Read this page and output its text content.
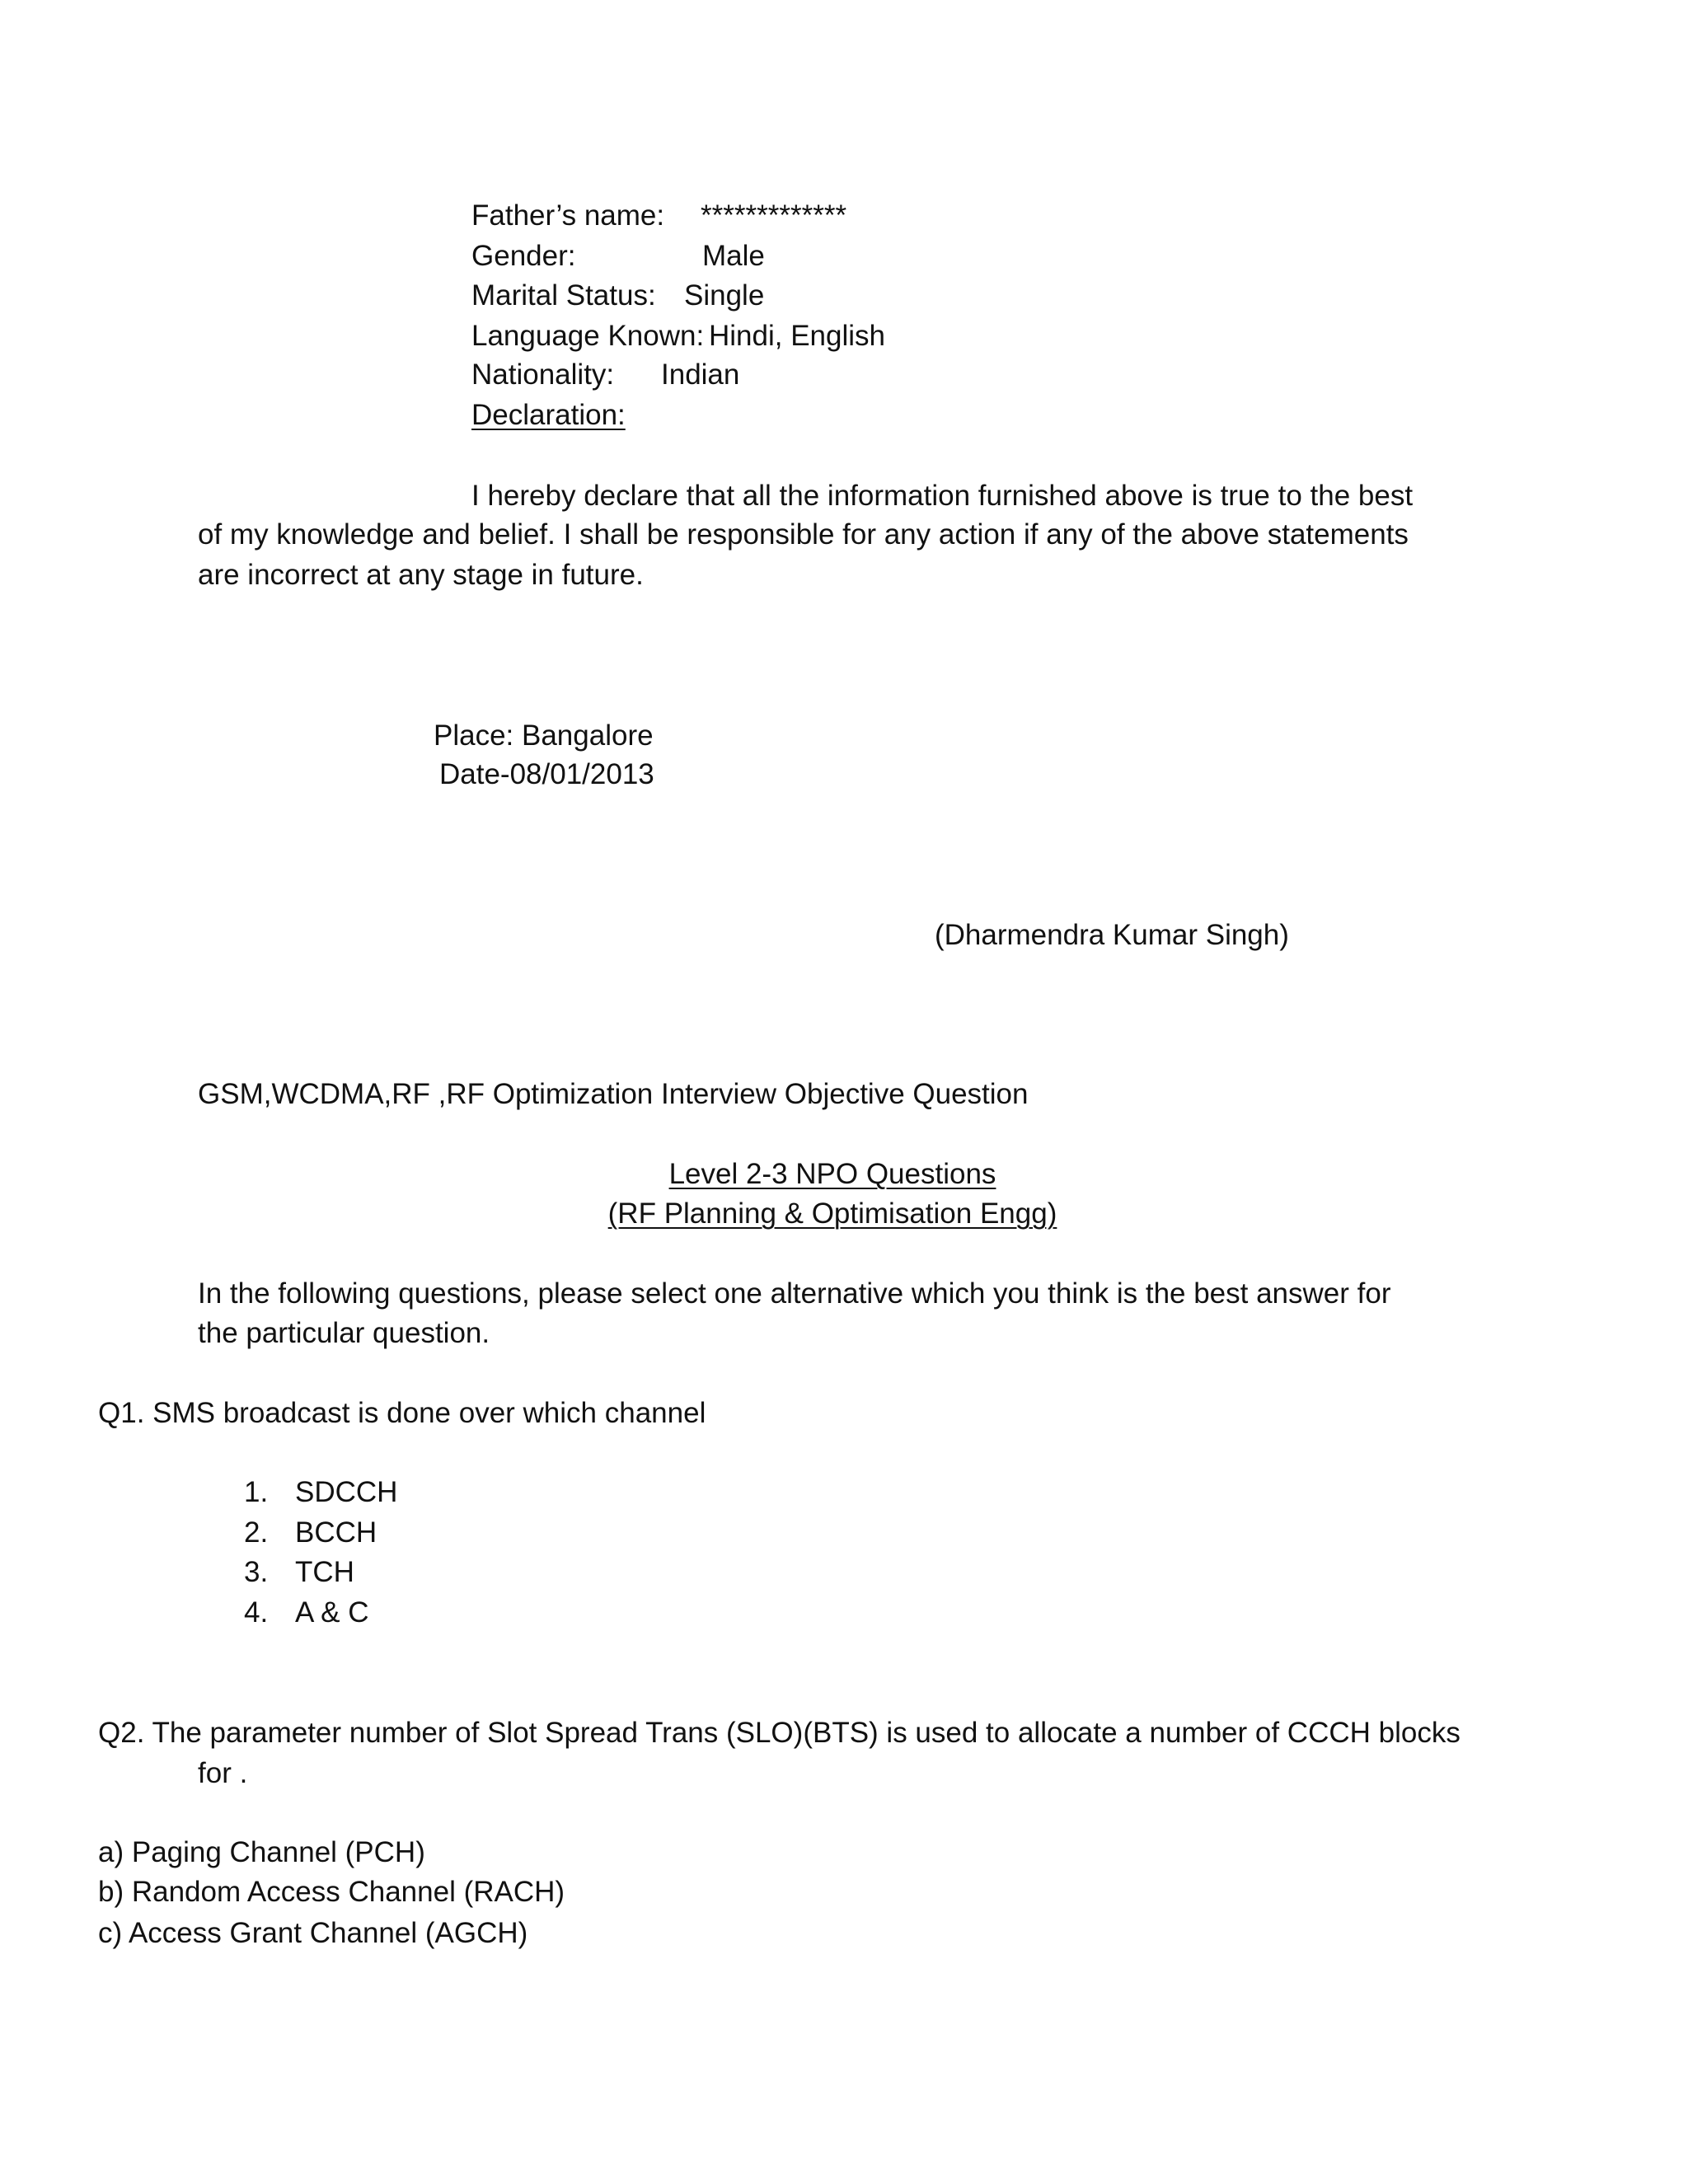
Father’s name: *************
Gender:	Male
Marital Status: Single
Language Known: Hindi, English
Nationality: Indian
Declaration:
I hereby declare that all the information furnished above is true to the best
of my knowledge and belief. I shall be responsible for any action if any of the above statements
are incorrect at any stage in future.
Place: Bangalore
Date-08/01/2013
(Dharmendra Kumar Singh)
GSM,WCDMA,RF ,RF Optimization Interview Objective Question
Level 2-3 NPO Questions
(RF Planning & Optimisation Engg)
In the following questions, please select one alternative which you think is the best answer for
the particular question.
Q1. SMS broadcast is done over which channel
1. SDCCH
2. BCCH
3. TCH
4. A & C
Q2. The parameter number of Slot Spread Trans (SLO)(BTS) is used to allocate a number of CCCH blocks
for .
a) Paging Channel (PCH)
b) Random Access Channel (RACH)
c) Access Grant Channel (AGCH)
